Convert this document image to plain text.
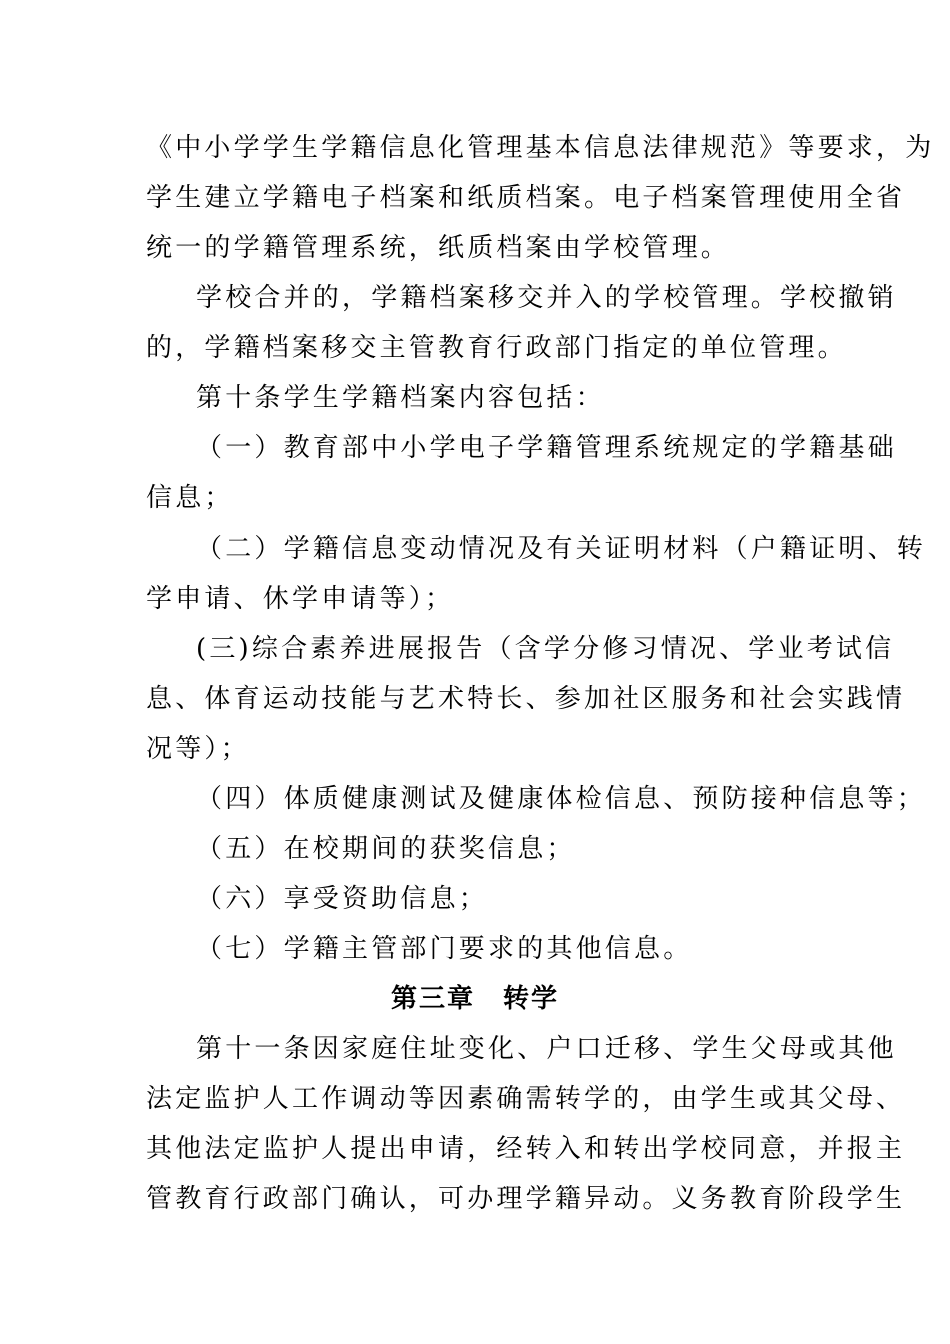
《中小学学生学籍信息化管理基本信息法律规范》等要求，为
学生建立学籍电子档案和纸质档案。电子档案管理使用全省
统一的学籍管理系统，纸质档案由学校管理。
学校合并的，学籍档案移交并入的学校管理。学校撤销
的，学籍档案移交主管教育行政部门指定的单位管理。
第十条学生学籍档案内容包括：
（一）教育部中小学电子学籍管理系统规定的学籍基础
信息；
（二）学籍信息变动情况及有关证明材料（户籍证明、转
学申请、休学申请等）；
(三)综合素养进展报告（含学分修习情况、学业考试信
息、体育运动技能与艺术特长、参加社区服务和社会实践情
况等）；
（四）体质健康测试及健康体检信息、预防接种信息等；
（五）在校期间的获奖信息；
（六）享受资助信息；
（七）学籍主管部门要求的其他信息。
第三章　转学
第十一条因家庭住址变化、户口迁移、学生父母或其他
法定监护人工作调动等因素确需转学的，由学生或其父母、
其他法定监护人提出申请，经转入和转出学校同意，并报主
管教育行政部门确认，可办理学籍异动。义务教育阶段学生
